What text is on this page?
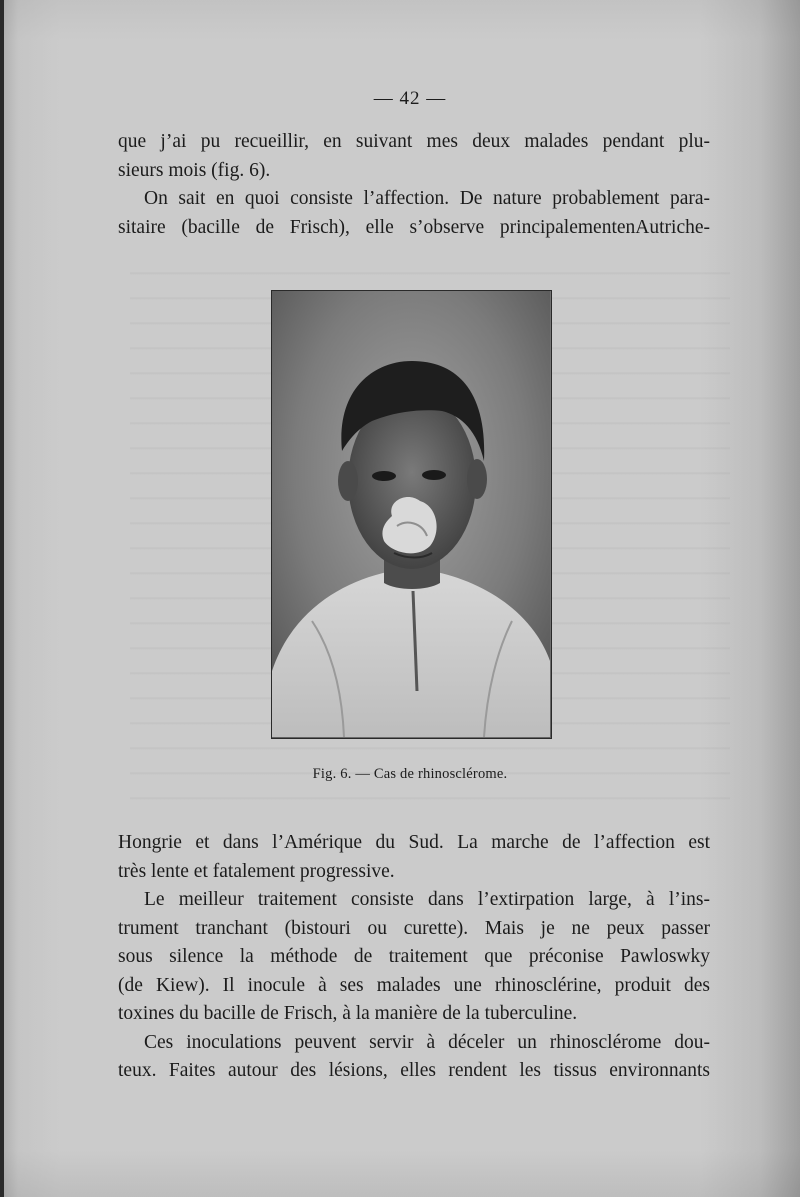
— 42 —
que j’ai pu recueillir, en suivant mes deux malades pendant plu-
sieurs mois (fig. 6).
On sait en quoi consiste l’affection. De nature probablement para-
sitaire (bacille de Frisch), elle s’observe principalementenAutriche-
Fig. 6. — Cas de rhinosclérome.
Hongrie et dans l’Amérique du Sud. La marche de l’affection est
très lente et fatalement progressive.
Le meilleur traitement consiste dans l’extirpation large, à l’ins-
trument tranchant (bistouri ou curette). Mais je ne peux passer
sous silence la méthode de traitement que préconise Pawloswky
(de Kiew). Il inocule à ses malades une rhinosclérine, produit des
toxines du bacille de Frisch, à la manière de la tuberculine.
Ces inoculations peuvent servir à déceler un rhinosclérome dou-
teux. Faites autour des lésions, elles rendent les tissus environnants
